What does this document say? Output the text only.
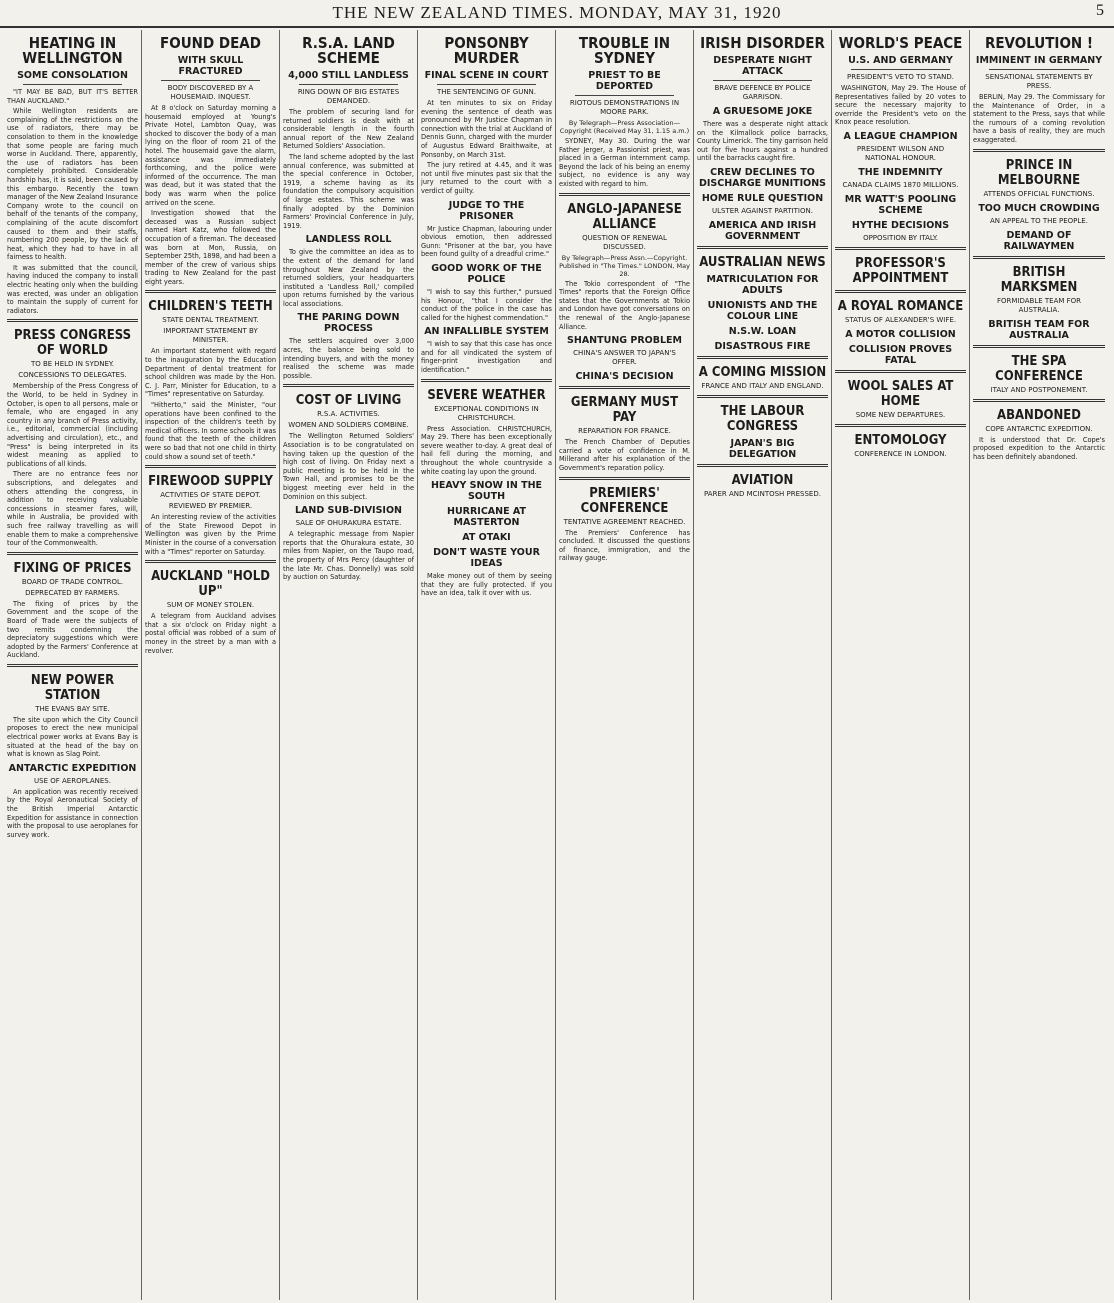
THE NEW ZEALAND TIMES. MONDAY, MAY 31, 1920	5
HEATING IN WELLINGTON
SOME CONSOLATION
"IT MAY BE BAD, BUT IT'S BETTER THAN AUCKLAND."
While Wellington residents are complaining of the restrictions on the use of radiators, there may be consolation to them in the knowledge that some people are faring much worse in Auckland. There, apparently, the use of radiators has been completely prohibited. Considerable hardship has, it is said, been caused by this embargo. Recently the town manager of the New Zealand Insurance Company wrote to the council on behalf of the tenants of the company, complaining of the acute discomfort caused to them and their staffs, numbering 200 people, by the lack of heat, which they had to have in all fairness to health.
It was submitted that the council, having induced the company to install electric heating only when the building was erected, was under an obligation to maintain the supply of current for radiators.
PRESS CONGRESS OF WORLD
TO BE HELD IN SYDNEY.
CONCESSIONS TO DELEGATES.
Membership of the Press Congress of the World, to be held in Sydney in October, is open to all persons, male or female, who are engaged in any country in any branch of Press activity, i.e., editorial, commercial (including advertising and circulation), etc., and "Press" is being interpreted in its widest meaning as applied to publications of all kinds.
There are no entrance fees nor subscriptions, and delegates and others attending the congress, in addition to receiving valuable concessions in steamer fares, will, while in Australia, be provided with such free railway travelling as will enable them to make a comprehensive tour of the Commonwealth.
FIXING OF PRICES
BOARD OF TRADE CONTROL.
DEPRECATED BY FARMERS.
The fixing of prices by the Government and the scope of the Board of Trade were the subjects of two remits condemning the depreciatory suggestions which were adopted by the Farmers' Conference at Auckland.
NEW POWER STATION
THE EVANS BAY SITE.
The site upon which the City Council proposes to erect the new municipal electrical power works at Evans Bay is situated at the head of the bay on what is known as Slag Point.
ANTARCTIC EXPEDITION
USE OF AEROPLANES.
An application was recently received by the Royal Aeronautical Society of the British Imperial Antarctic Expedition for assistance in connection with the proposal to use aeroplanes for survey work.
FOUND DEAD
WITH SKULL FRACTURED
BODY DISCOVERED BY A HOUSEMAID. INQUEST.
At 8 o'clock on Saturday morning a housemaid employed at Young's Private Hotel, Lambton Quay, was shocked to discover the body of a man lying on the floor of room 21 of the hotel. The housemaid gave the alarm, assistance was immediately forthcoming, and the police were informed of the occurrence. The man was dead, but it was stated that the body was warm when the police arrived on the scene.
Investigation showed that the deceased was a Russian subject named Hart Katz, who followed the occupation of a fireman. The deceased was born at Mon, Russia, on September 25th, 1898, and had been a member of the crew of various ships trading to New Zealand for the past eight years.
CHILDREN'S TEETH
STATE DENTAL TREATMENT.
IMPORTANT STATEMENT BY MINISTER.
An important statement with regard to the inauguration by the Education Department of dental treatment for school children was made by the Hon. C. J. Parr, Minister for Education, to a "Times" representative on Saturday.
"Hitherto," said the Minister, "our operations have been confined to the inspection of the children's teeth by medical officers. In some schools it was found that the teeth of the children were so bad that not one child in thirty could show a sound set of teeth."
FIREWOOD SUPPLY
ACTIVITIES OF STATE DEPOT.
REVIEWED BY PREMIER.
An interesting review of the activities of the State Firewood Depot in Wellington was given by the Prime Minister in the course of a conversation with a "Times" reporter on Saturday.
AUCKLAND "HOLD UP"
SUM OF MONEY STOLEN.
A telegram from Auckland advises that a six o'clock on Friday night a postal official was robbed of a sum of money in the street by a man with a revolver.
R.S.A. LAND SCHEME
4,000 STILL LANDLESS
RING DOWN OF BIG ESTATES DEMANDED.
The problem of securing land for returned soldiers is dealt with at considerable length in the fourth annual report of the New Zealand Returned Soldiers' Association.
The land scheme adopted by the last annual conference, was submitted at the special conference in October, 1919, a scheme having as its foundation the compulsory acquisition of large estates. This scheme was finally adopted by the Dominion Farmers' Provincial Conference in July, 1919.
LANDLESS ROLL
To give the committee an idea as to the extent of the demand for land throughout New Zealand by the returned soldiers, your headquarters instituted a 'Landless Roll,' compiled upon returns furnished by the various local associations.
THE PARING DOWN PROCESS
The settlers acquired over 3,000 acres, the balance being sold to intending buyers, and with the money realised the scheme was made possible.
COST OF LIVING
R.S.A. ACTIVITIES.
WOMEN AND SOLDIERS COMBINE.
The Wellington Returned Soldiers' Association is to be congratulated on having taken up the question of the high cost of living. On Friday next a public meeting is to be held in the Town Hall, and promises to be the biggest meeting ever held in the Dominion on this subject.
LAND SUB-DIVISION
SALE OF OHURAKURA ESTATE.
A telegraphic message from Napier reports that the Ohurakura estate, 30 miles from Napier, on the Taupo road, the property of Mrs Percy (daughter of the late Mr. Chas. Donnelly) was sold by auction on Saturday.
PONSONBY MURDER
FINAL SCENE IN COURT
THE SENTENCING OF GUNN.
At ten minutes to six on Friday evening the sentence of death was pronounced by Mr Justice Chapman in connection with the trial at Auckland of Dennis Gunn, charged with the murder of Augustus Edward Braithwaite, at Ponsonby, on March 31st.
The jury retired at 4.45, and it was not until five minutes past six that the jury returned to the court with a verdict of guilty.
JUDGE TO THE PRISONER
Mr Justice Chapman, labouring under obvious emotion, then addressed Gunn: "Prisoner at the bar, you have been found guilty of a dreadful crime."
GOOD WORK OF THE POLICE
"I wish to say this further," pursued his Honour, "that I consider the conduct of the police in the case has called for the highest commendation."
AN INFALLIBLE SYSTEM
"I wish to say that this case has once and for all vindicated the system of finger-print investigation and identification."
SEVERE WEATHER
EXCEPTIONAL CONDITIONS IN CHRISTCHURCH.
Press Association. CHRISTCHURCH, May 29. There has been exceptionally severe weather to-day. A great deal of hail fell during the morning, and throughout the whole countryside a white coating lay upon the ground.
HEAVY SNOW IN THE SOUTH
HURRICANE AT MASTERTON
AT OTAKI
DON'T WASTE YOUR IDEAS
Make money out of them by seeing that they are fully protected. If you have an idea, talk it over with us.
TROUBLE IN SYDNEY
PRIEST TO BE DEPORTED
RIOTOUS DEMONSTRATIONS IN MOORE PARK.
By Telegraph—Press Association—Copyright (Received May 31, 1.15 a.m.)
SYDNEY, May 30. During the war Father Jerger, a Passionist priest, was placed in a German internment camp. Beyond the lack of his being an enemy subject, no evidence is any way existed with regard to him.
ANGLO-JAPANESE ALLIANCE
QUESTION OF RENEWAL DISCUSSED.
By Telegraph—Press Assn.—Copyright. Published in "The Times." LONDON, May 28.
The Tokio correspondent of "The Times" reports that the Foreign Office states that the Governments at Tokio and London have got conversations on the renewal of the Anglo-Japanese Alliance.
SHANTUNG PROBLEM
CHINA'S ANSWER TO JAPAN'S OFFER.
CHINA'S DECISION
GERMANY MUST PAY
REPARATION FOR FRANCE.
The French Chamber of Deputies carried a vote of confidence in M. Millerand after his explanation of the Government's reparation policy.
PREMIERS' CONFERENCE
TENTATIVE AGREEMENT REACHED.
The Premiers' Conference has concluded. It discussed the questions of finance, immigration, and the railway gauge.
IRISH DISORDER
DESPERATE NIGHT ATTACK
BRAVE DEFENCE BY POLICE GARRISON.
A GRUESOME JOKE
There was a desperate night attack on the Kilmallock police barracks, County Limerick. The tiny garrison held out for five hours against a hundred until the barracks caught fire.
CREW DECLINES TO DISCHARGE MUNITIONS
HOME RULE QUESTION
ULSTER AGAINST PARTITION.
AMERICA AND IRISH GOVERNMENT
AUSTRALIAN NEWS
MATRICULATION FOR ADULTS
UNIONISTS AND THE COLOUR LINE
N.S.W. LOAN
DISASTROUS FIRE
A COMING MISSION
FRANCE AND ITALY AND ENGLAND.
THE LABOUR CONGRESS
JAPAN'S BIG DELEGATION
AVIATION
PARER AND MCINTOSH PRESSED.
WORLD'S PEACE
U.S. AND GERMANY
PRESIDENT'S VETO TO STAND.
WASHINGTON, May 29. The House of Representatives failed by 20 votes to secure the necessary majority to override the President's veto on the Knox peace resolution.
A LEAGUE CHAMPION
PRESIDENT WILSON AND NATIONAL HONOUR.
THE INDEMNITY
CANADA CLAIMS 1870 MILLIONS.
MR WATT'S POOLING SCHEME
HYTHE DECISIONS
OPPOSITION BY ITALY.
PROFESSOR'S APPOINTMENT
A ROYAL ROMANCE
STATUS OF ALEXANDER'S WIFE.
A MOTOR COLLISION
COLLISION PROVES FATAL
WOOL SALES AT HOME
SOME NEW DEPARTURES.
ENTOMOLOGY
CONFERENCE IN LONDON.
REVOLUTION !
IMMINENT IN GERMANY
SENSATIONAL STATEMENTS BY PRESS.
BERLIN, May 29. The Commissary for the Maintenance of Order, in a statement to the Press, says that while the rumours of a coming revolution have a basis of reality, they are much exaggerated.
PRINCE IN MELBOURNE
ATTENDS OFFICIAL FUNCTIONS.
TOO MUCH CROWDING
AN APPEAL TO THE PEOPLE.
DEMAND OF RAILWAYMEN
BRITISH MARKSMEN
FORMIDABLE TEAM FOR AUSTRALIA.
BRITISH TEAM FOR AUSTRALIA
THE SPA CONFERENCE
ITALY AND POSTPONEMENT.
ABANDONED
COPE ANTARCTIC EXPEDITION.
It is understood that Dr. Cope's proposed expedition to the Antarctic has been definitely abandoned.
